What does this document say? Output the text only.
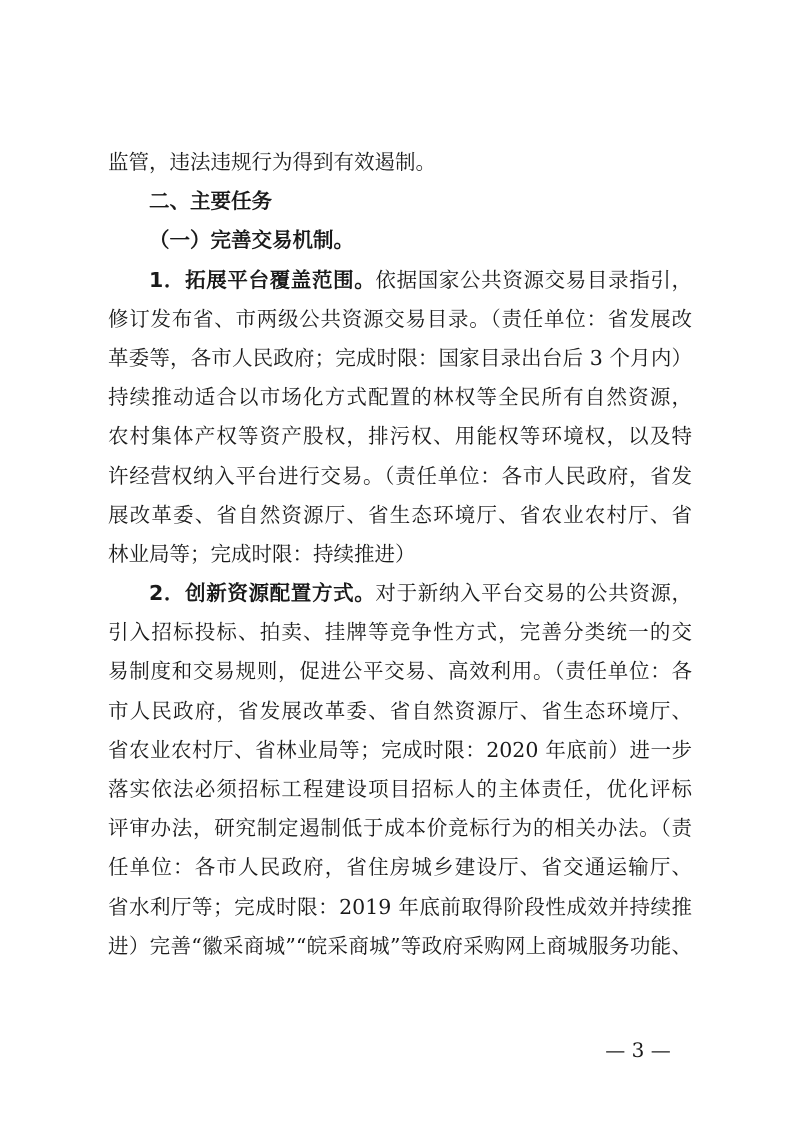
监管，违法违规行为得到有效遏制。
二、主要任务
（一）完善交易机制。
1．拓展平台覆盖范围。依据国家公共资源交易目录指引，
修订发布省、市两级公共资源交易目录。（责任单位：省发展改
革委等，各市人民政府；完成时限：国家目录出台后 3 个月内）
持续推动适合以市场化方式配置的林权等全民所有自然资源，
农村集体产权等资产股权，排污权、用能权等环境权，以及特
许经营权纳入平台进行交易。（责任单位：各市人民政府，省发
展改革委、省自然资源厅、省生态环境厅、省农业农村厅、省
林业局等；完成时限：持续推进）
2．创新资源配置方式。对于新纳入平台交易的公共资源，
引入招标投标、拍卖、挂牌等竞争性方式，完善分类统一的交
易制度和交易规则，促进公平交易、高效利用。（责任单位：各
市人民政府，省发展改革委、省自然资源厅、省生态环境厅、
省农业农村厅、省林业局等；完成时限：2020 年底前）进一步
落实依法必须招标工程建设项目招标人的主体责任，优化评标
评审办法，研究制定遏制低于成本价竞标行为的相关办法。（责
任单位：各市人民政府，省住房城乡建设厅、省交通运输厅、
省水利厅等；完成时限：2019 年底前取得阶段性成效并持续推
进）完善“徽采商城”“皖采商城”等政府采购网上商城服务功能、
— 3 —
